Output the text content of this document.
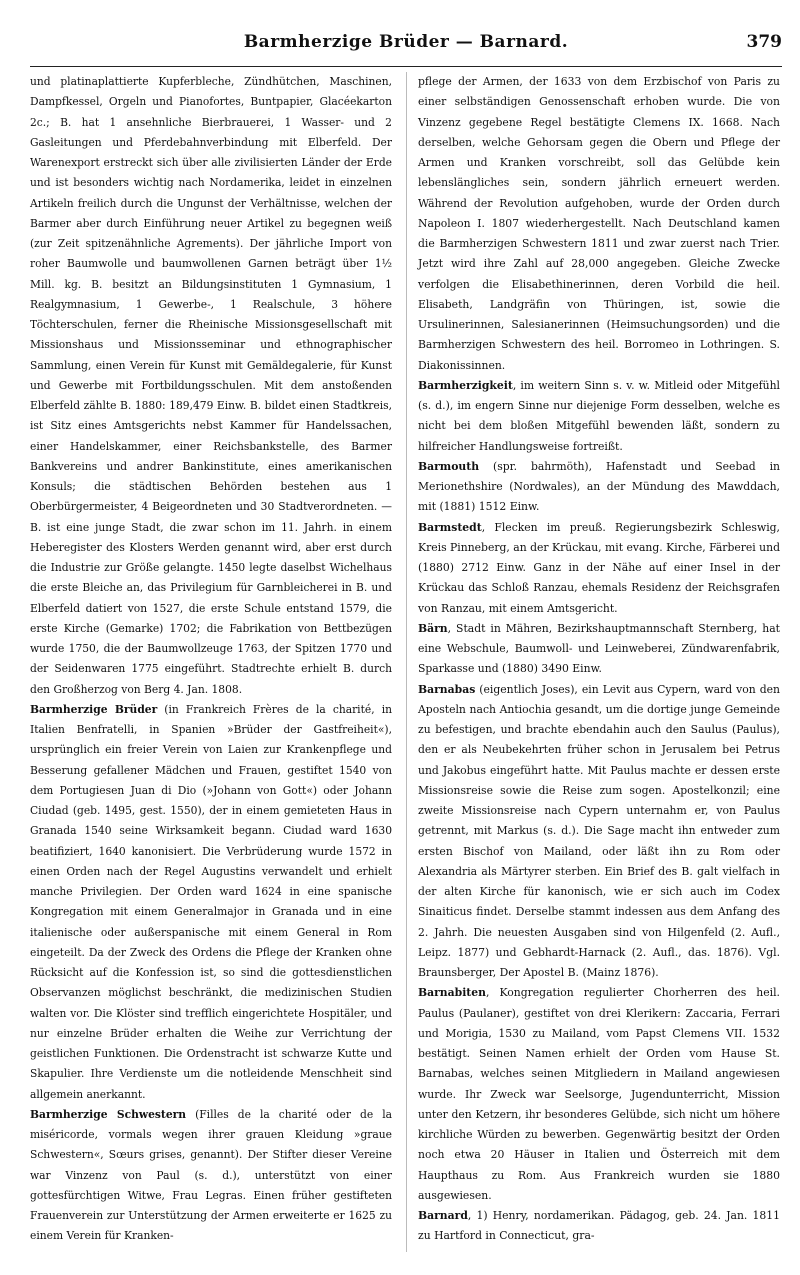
Barmherzige Brüder — Barnard.	379

und platinaplattierte Kupferbleche, Zündhütchen, Maschinen, Dampfkessel, Orgeln und Pianofortes, Buntpapier, Glacéekarton 2c.; B. hat 1 ansehnliche Bierbrauerei, 1 Wasser- und 2 Gasleitungen und Pferdebahnverbindung mit Elberfeld. Der Warenexport erstreckt sich über alle zivilisierten Länder der Erde und ist besonders wichtig nach Nordamerika, leidet in einzelnen Artikeln freilich durch die Ungunst der Verhältnisse, welchen der Barmer aber durch Einführung neuer Artikel zu begegnen weiß (zur Zeit spitzenähnliche Agrements). Der jährliche Import von roher Baumwolle und baumwollenen Garnen beträgt über 1½ Mill. kg. B. besitzt an Bildungsinstituten 1 Gymnasium, 1 Realgymnasium, 1 Gewerbe-, 1 Realschule, 3 höhere Töchterschulen, ferner die Rheinische Missionsgesellschaft mit Missionshaus und Missionsseminar und ethnographischer Sammlung, einen Verein für Kunst mit Gemäldegalerie, für Kunst und Gewerbe mit Fortbildungsschulen. Mit dem anstoßenden Elberfeld zählte B. 1880: 189,479 Einw. B. bildet einen Stadtkreis, ist Sitz eines Amtsgerichts nebst Kammer für Handelssachen, einer Handelskammer, einer Reichsbankstelle, des Barmer Bankvereins und andrer Bankinstitute, eines amerikanischen Konsuls; die städtischen Behörden bestehen aus 1 Oberbürgermeister, 4 Beigeordneten und 30 Stadtverordneten. — B. ist eine junge Stadt, die zwar schon im 11. Jahrh. in einem Heberegister des Klosters Werden genannt wird, aber erst durch die Industrie zur Größe gelangte. 1450 legte daselbst Wichelhaus die erste Bleiche an, das Privilegium für Garnbleicherei in B. und Elberfeld datiert von 1527, die erste Schule entstand 1579, die erste Kirche (Gemarke) 1702; die Fabrikation von Bettbezügen wurde 1750, die der Baumwollzeuge 1763, der Spitzen 1770 und der Seidenwaren 1775 eingeführt. Stadtrechte erhielt B. durch den Großherzog von Berg 4. Jan. 1808.

Barmherzige Brüder (in Frankreich Frères de la charité, in Italien Benfratelli, in Spanien »Brüder der Gastfreiheit«), ursprünglich ein freier Verein von Laien zur Krankenpflege und Besserung gefallener Mädchen und Frauen, gestiftet 1540 von dem Portugiesen Juan di Dio (»Johann von Gott«) oder Johann Ciudad (geb. 1495, gest. 1550), der in einem gemieteten Haus in Granada 1540 seine Wirksamkeit begann. Ciudad ward 1630 beatifiziert, 1640 kanonisiert. Die Verbrüderung wurde 1572 in einen Orden nach der Regel Augustins verwandelt und erhielt manche Privilegien. Der Orden ward 1624 in eine spanische Kongregation mit einem Generalmajor in Granada und in eine italienische oder außerspanische mit einem General in Rom eingeteilt. Da der Zweck des Ordens die Pflege der Kranken ohne Rücksicht auf die Konfession ist, so sind die gottesdienstlichen Observanzen möglichst beschränkt, die medizinischen Studien walten vor. Die Klöster sind trefflich eingerichtete Hospitäler, und nur einzelne Brüder erhalten die Weihe zur Verrichtung der geistlichen Funktionen. Die Ordenstracht ist schwarze Kutte und Skapulier. Ihre Verdienste um die notleidende Menschheit sind allgemein anerkannt.

Barmherzige Schwestern (Filles de la charité oder de la miséricorde, vormals wegen ihrer grauen Kleidung »graue Schwestern«, Sœurs grises, genannt). Der Stifter dieser Vereine war Vinzenz von Paul (s. d.), unterstützt von einer gottesfürchtigen Witwe, Frau Legras. Einen früher gestifteten Frauenverein zur Unterstützung der Armen erweiterte er 1625 zu einem Verein für Kranken-

pflege der Armen, der 1633 von dem Erzbischof von Paris zu einer selbständigen Genossenschaft erhoben wurde. Die von Vinzenz gegebene Regel bestätigte Clemens IX. 1668. Nach derselben, welche Gehorsam gegen die Obern und Pflege der Armen und Kranken vorschreibt, soll das Gelübde kein lebenslängliches sein, sondern jährlich erneuert werden. Während der Revolution aufgehoben, wurde der Orden durch Napoleon I. 1807 wiederhergestellt. Nach Deutschland kamen die Barmherzigen Schwestern 1811 und zwar zuerst nach Trier. Jetzt wird ihre Zahl auf 28,000 angegeben. Gleiche Zwecke verfolgen die Elisabethinerinnen, deren Vorbild die heil. Elisabeth, Landgräfin von Thüringen, ist, sowie die Ursulinerinnen, Salesianerinnen (Heimsuchungsorden) und die Barmherzigen Schwestern des heil. Borromeo in Lothringen. S. Diakonissinnen.

Barmherzigkeit, im weitern Sinn s. v. w. Mitleid oder Mitgefühl (s. d.), im engern Sinne nur diejenige Form desselben, welche es nicht bei dem bloßen Mitgefühl bewenden läßt, sondern zu hilfreicher Handlungsweise fortreißt.

Barmouth (spr. bahrmöth), Hafenstadt und Seebad in Merionethshire (Nordwales), an der Mündung des Mawddach, mit (1881) 1512 Einw.

Barmstedt, Flecken im preuß. Regierungsbezirk Schleswig, Kreis Pinneberg, an der Krückau, mit evang. Kirche, Färberei und (1880) 2712 Einw. Ganz in der Nähe auf einer Insel in der Krückau das Schloß Ranzau, ehemals Residenz der Reichsgrafen von Ranzau, mit einem Amtsgericht.

Bärn, Stadt in Mähren, Bezirkshauptmannschaft Sternberg, hat eine Webschule, Baumwoll- und Leinweberei, Zündwarenfabrik, Sparkasse und (1880) 3490 Einw.

Barnabas (eigentlich Joses), ein Levit aus Cypern, ward von den Aposteln nach Antiochia gesandt, um die dortige junge Gemeinde zu befestigen, und brachte ebendahin auch den Saulus (Paulus), den er als Neubekehrten früher schon in Jerusalem bei Petrus und Jakobus eingeführt hatte. Mit Paulus machte er dessen erste Missionsreise sowie die Reise zum sogen. Apostelkonzil; eine zweite Missionsreise nach Cypern unternahm er, von Paulus getrennt, mit Markus (s. d.). Die Sage macht ihn entweder zum ersten Bischof von Mailand, oder läßt ihn zu Rom oder Alexandria als Märtyrer sterben. Ein Brief des B. galt vielfach in der alten Kirche für kanonisch, wie er sich auch im Codex Sinaiticus findet. Derselbe stammt indessen aus dem Anfang des 2. Jahrh. Die neuesten Ausgaben sind von Hilgenfeld (2. Aufl., Leipz. 1877) und Gebhardt-Harnack (2. Aufl., das. 1876). Vgl. Braunsberger, Der Apostel B. (Mainz 1876).

Barnabiten, Kongregation regulierter Chorherren des heil. Paulus (Paulaner), gestiftet von drei Klerikern: Zaccaria, Ferrari und Morigia, 1530 zu Mailand, vom Papst Clemens VII. 1532 bestätigt. Seinen Namen erhielt der Orden vom Hause St. Barnabas, welches seinen Mitgliedern in Mailand angewiesen wurde. Ihr Zweck war Seelsorge, Jugendunterricht, Mission unter den Ketzern, ihr besonderes Gelübde, sich nicht um höhere kirchliche Würden zu bewerben. Gegenwärtig besitzt der Orden noch etwa 20 Häuser in Italien und Österreich mit dem Haupthaus zu Rom. Aus Frankreich wurden sie 1880 ausgewiesen.

Barnard, 1) Henry, nordamerikan. Pädagog, geb. 24. Jan. 1811 zu Hartford in Connecticut, gra-
